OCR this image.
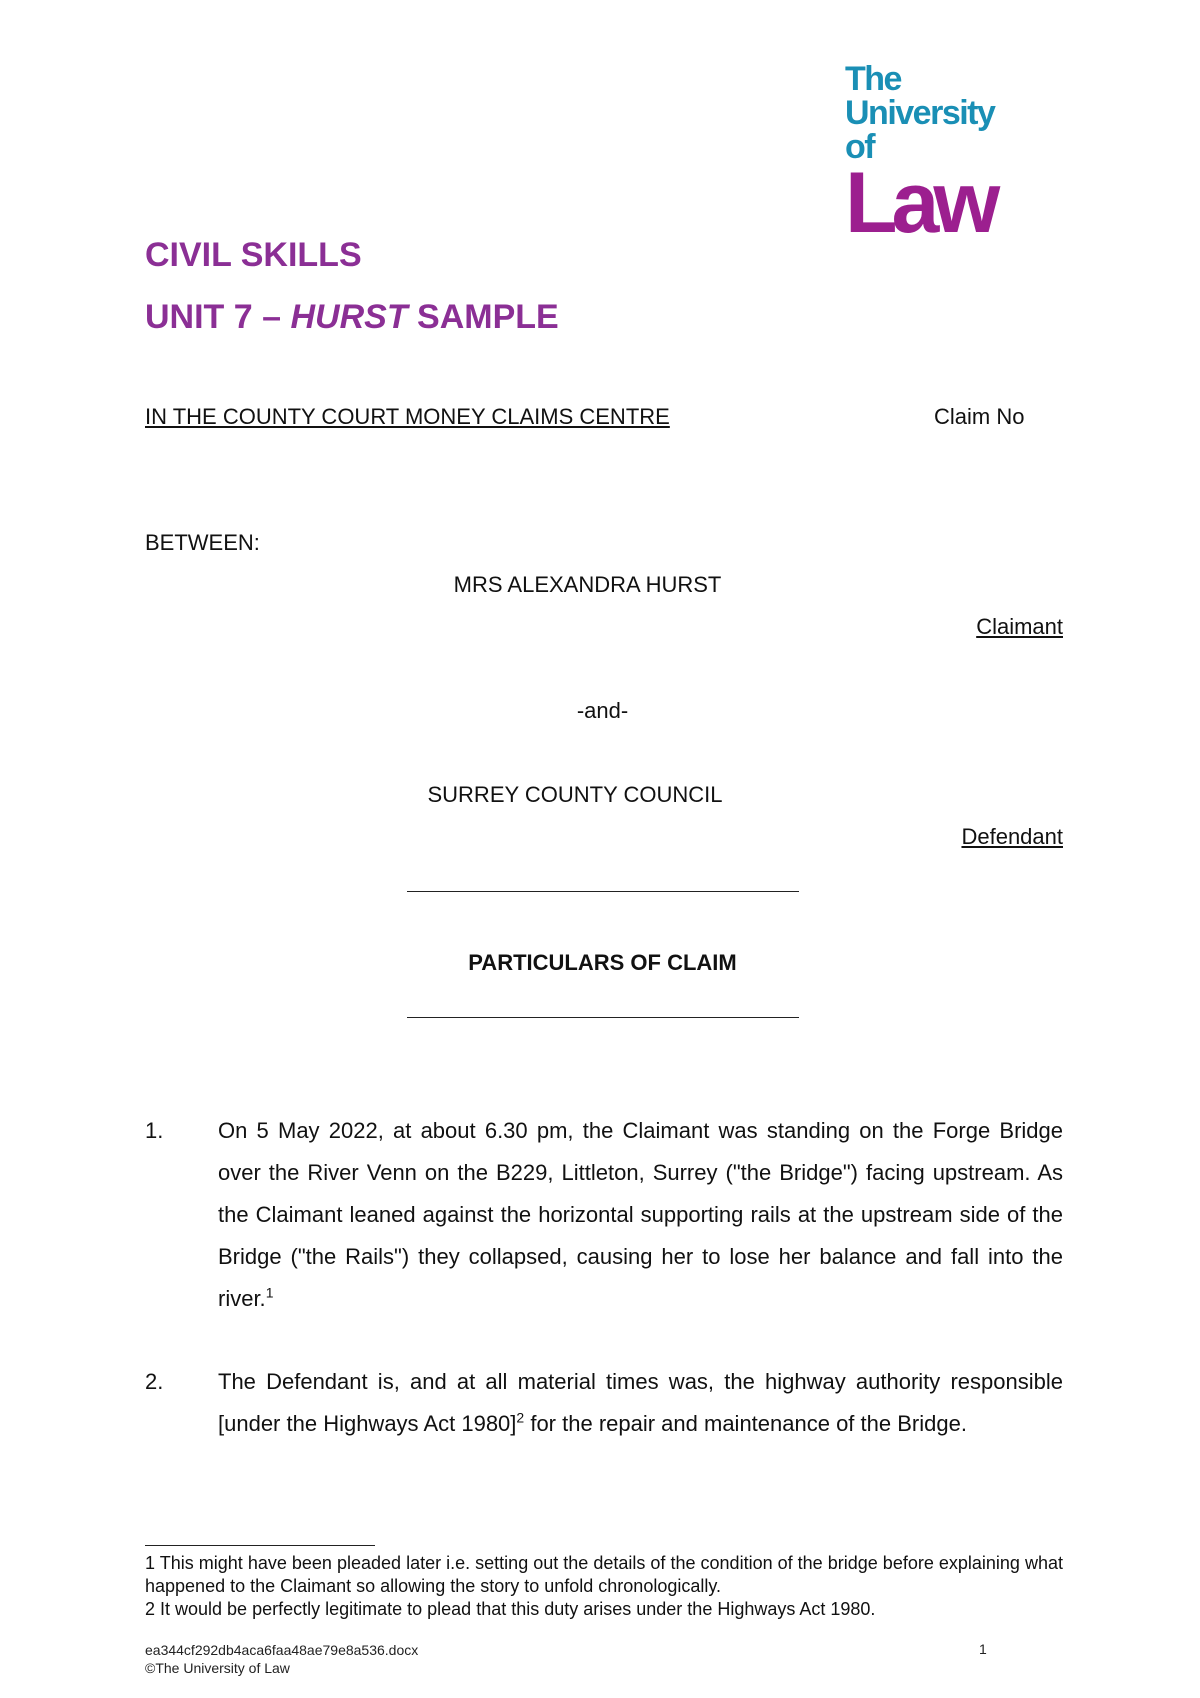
The
University of
Law
CIVIL SKILLS
UNIT 7 – HURST SAMPLE
IN THE COUNTY COURT MONEY CLAIMS CENTRE	Claim No
BETWEEN:
MRS ALEXANDRA HURST
Claimant
-and-
SURREY COUNTY COUNCIL
Defendant
PARTICULARS OF CLAIM
1. On 5 May 2022, at about 6.30 pm, the Claimant was standing on the Forge Bridge over the River Venn on the B229, Littleton, Surrey ("the Bridge") facing upstream. As the Claimant leaned against the horizontal supporting rails at the upstream side of the Bridge ("the Rails") they collapsed, causing her to lose her balance and fall into the river.$^1$
2. The Defendant is, and at all material times was, the highway authority responsible [under the Highways Act 1980]$^2$ for the repair and maintenance of the Bridge.

1 This might have been pleaded later i.e. setting out the details of the condition of the bridge before explaining what happened to the Claimant so allowing the story to unfold chronologically.

2 It would be perfectly legitimate to plead that this duty arises under the Highways Act 1980.

ea344cf292db4aca6faa48ae79e8a536.docx
©The University of Law
1
